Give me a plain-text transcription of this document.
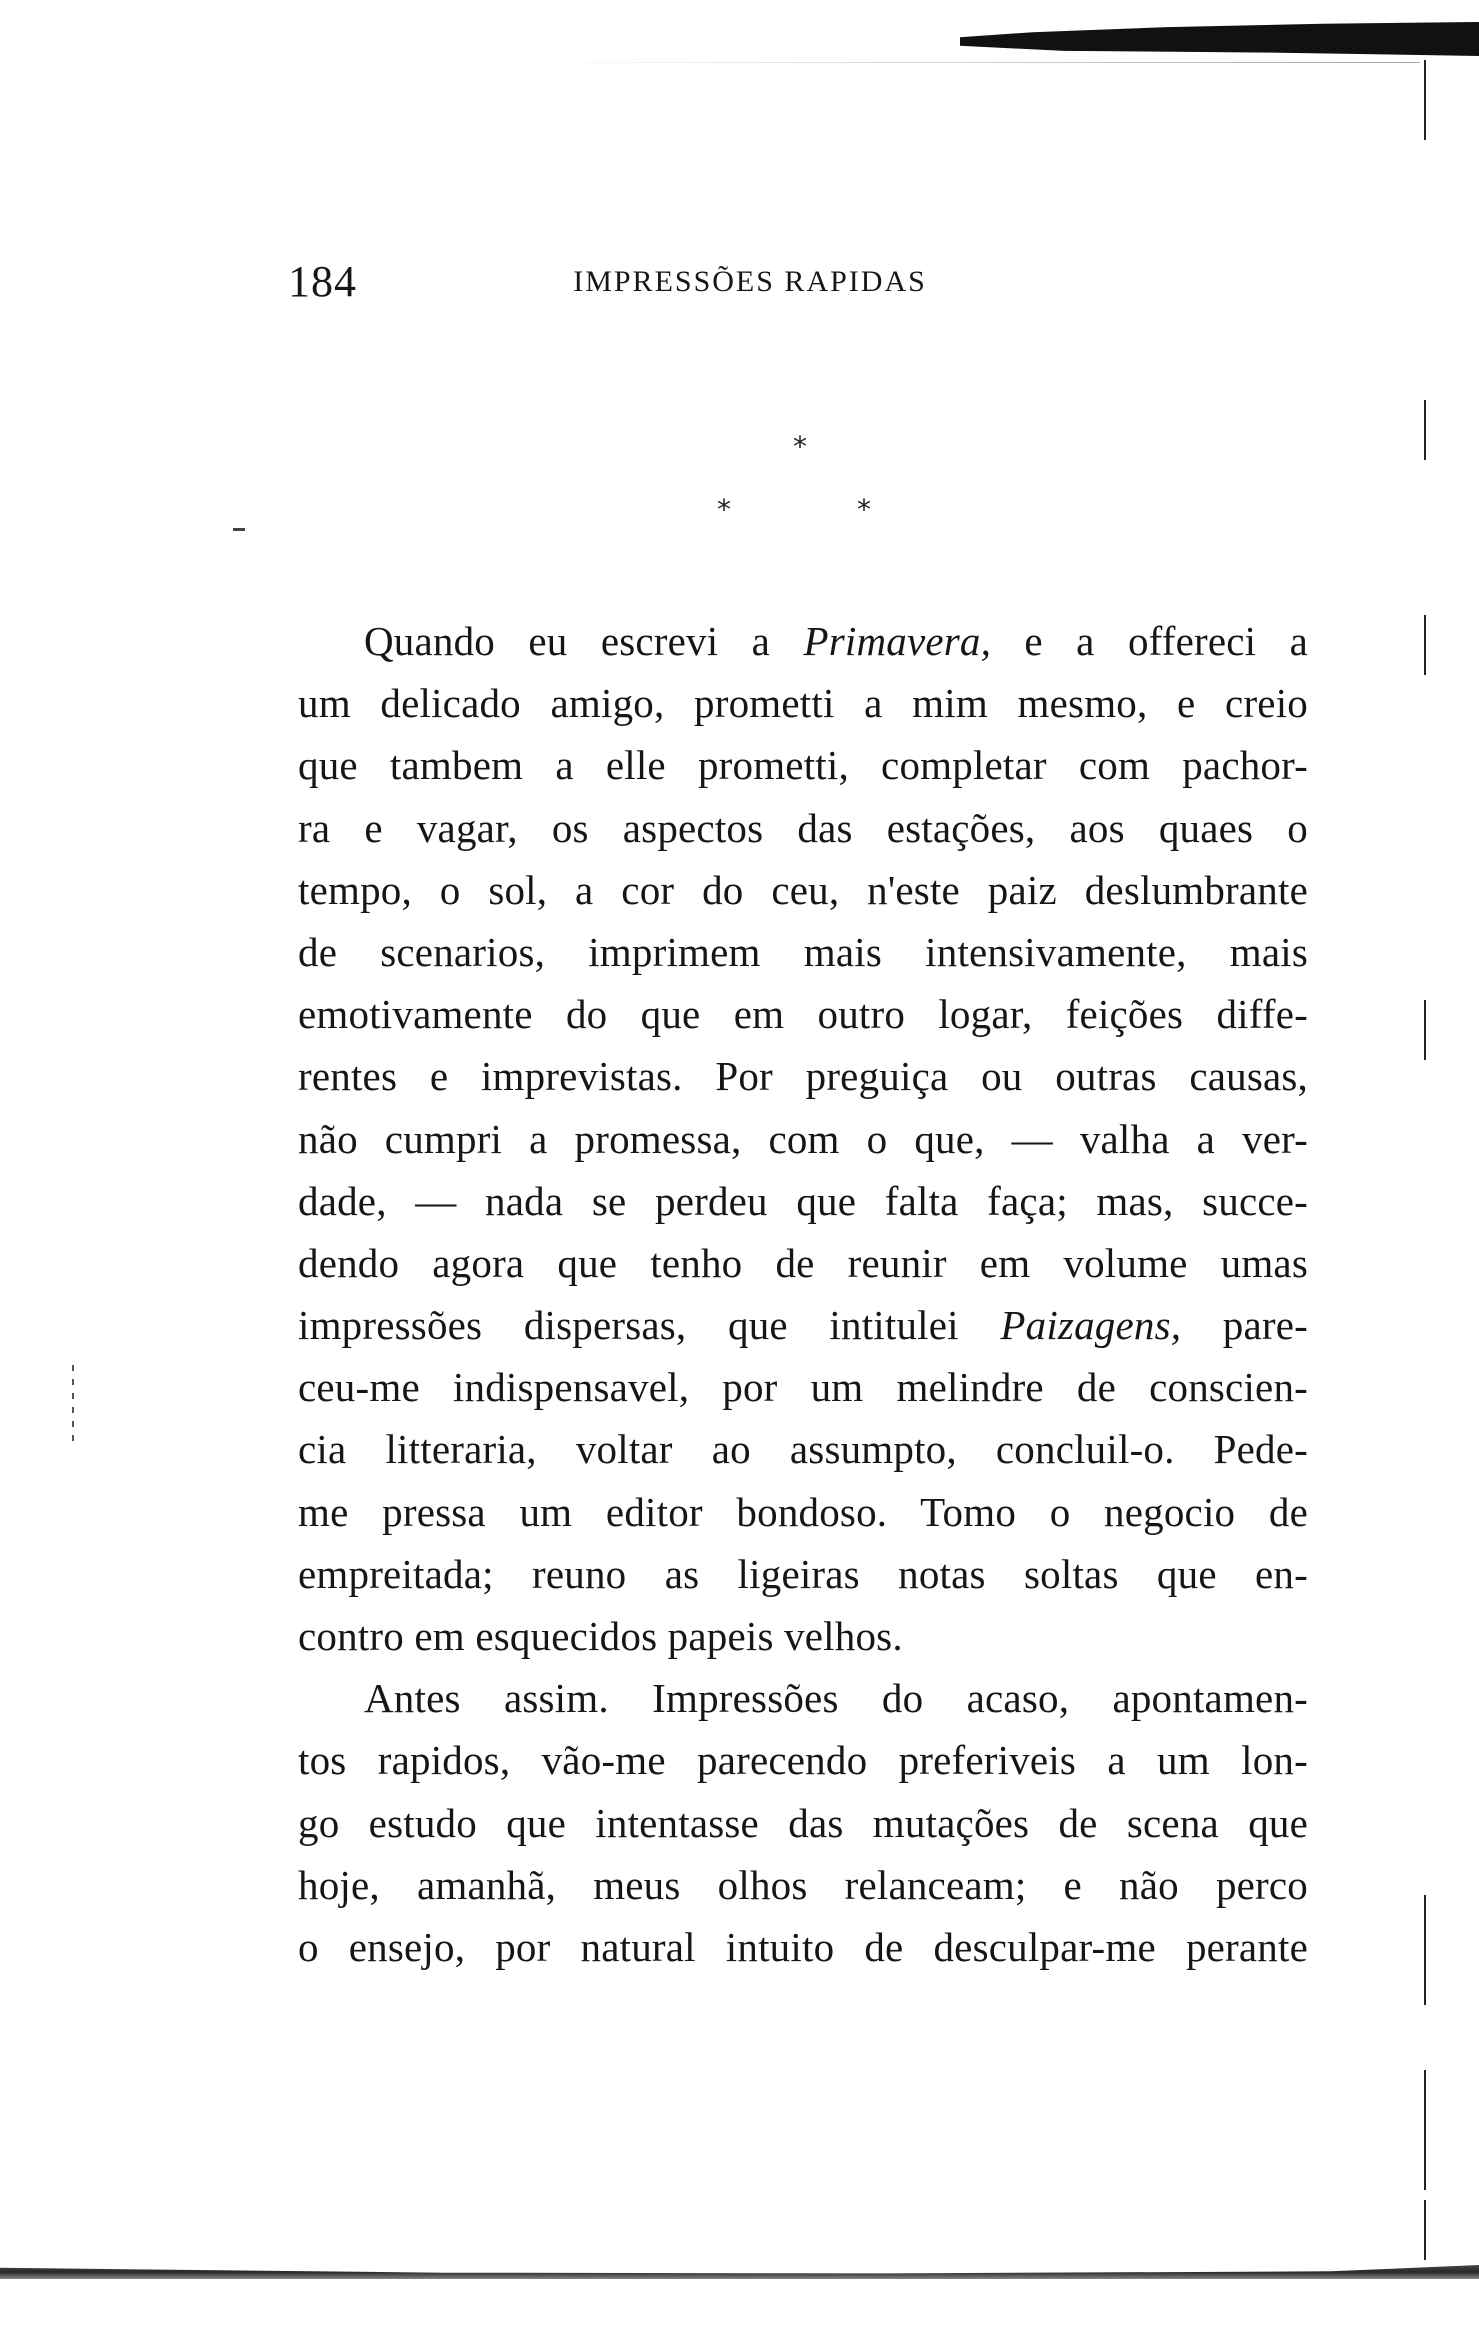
184	IMPRESSÕES RAPIDAS
*
*	*
Quando eu escrevi a Primavera, e a offereci a
um delicado amigo, prometti a mim mesmo, e creio
que tambem a elle prometti, completar com pachor-
ra e vagar, os aspectos das estações, aos quaes o
tempo, o sol, a cor do ceu, n'este paiz deslumbrante
de scenarios, imprimem mais intensivamente, mais
emotivamente do que em outro logar, feições diffe-
rentes e imprevistas. Por preguiça ou outras causas,
não cumpri a promessa, com o que, — valha a ver-
dade, — nada se perdeu que falta faça; mas, succe-
dendo agora que tenho de reunir em volume umas
impressões dispersas, que intitulei Paizagens, pare-
ceu-me indispensavel, por um melindre de conscien-
cia litteraria, voltar ao assumpto, concluil-o. Pede-
me pressa um editor bondoso. Tomo o negocio de
empreitada; reuno as ligeiras notas soltas que en-
contro em esquecidos papeis velhos.
Antes assim. Impressões do acaso, apontamen-
tos rapidos, vão-me parecendo preferiveis a um lon-
go estudo que intentasse das mutações de scena que
hoje, amanhã, meus olhos relanceam; e não perco
o ensejo, por natural intuito de desculpar-me perante
